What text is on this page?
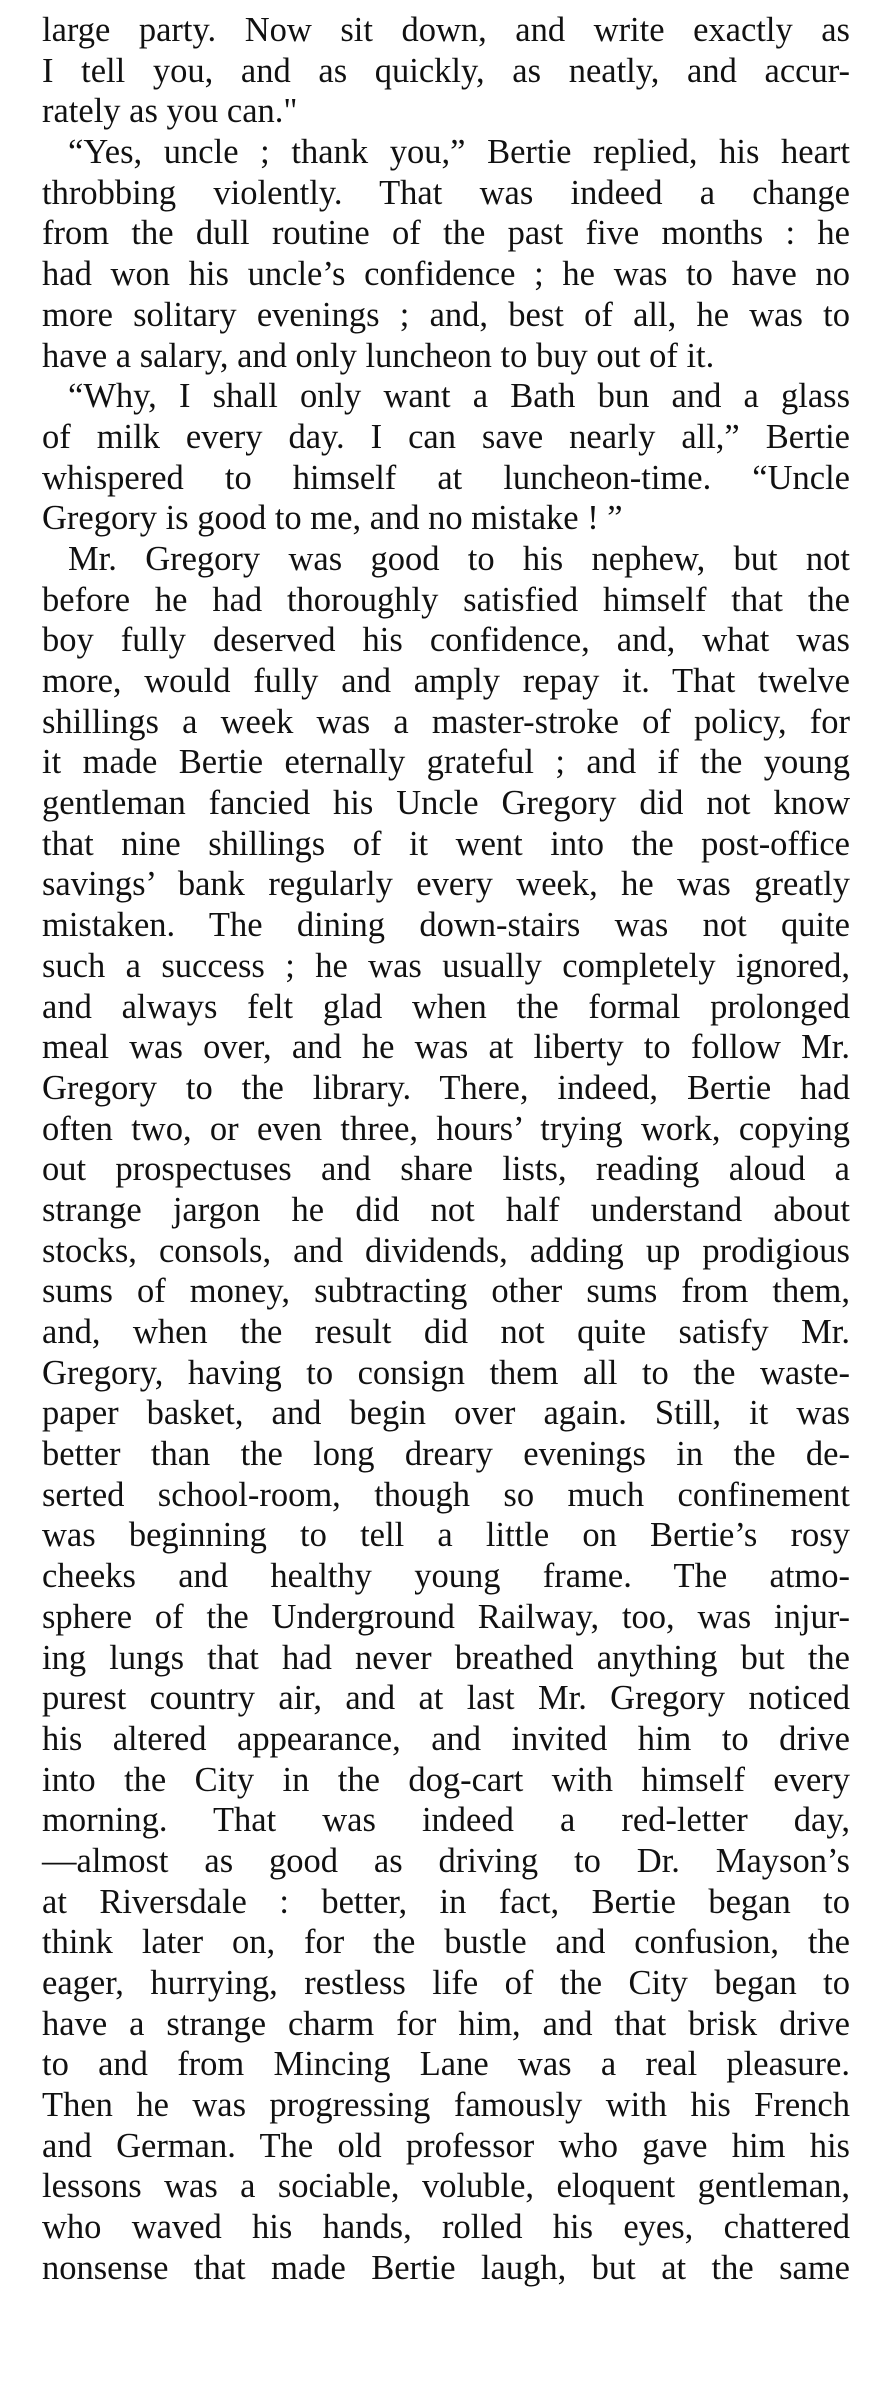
large party. Now sit down, and write exactly as
I tell you, and as quickly, as neatly, and accur-
rately as you can."
“Yes, uncle ; thank you,” Bertie replied, his heart
throbbing violently. That was indeed a change
from the dull routine of the past five months : he
had won his uncle’s confidence ; he was to have no
more solitary evenings ; and, best of all, he was to
have a salary, and only luncheon to buy out of it.
“Why, I shall only want a Bath bun and a glass
of milk every day. I can save nearly all,” Bertie
whispered to himself at luncheon-time. “Uncle
Gregory is good to me, and no mistake ! ”
Mr. Gregory was good to his nephew, but not
before he had thoroughly satisfied himself that the
boy fully deserved his confidence, and, what was
more, would fully and amply repay it. That twelve
shillings a week was a master-stroke of policy, for
it made Bertie eternally grateful ; and if the young
gentleman fancied his Uncle Gregory did not know
that nine shillings of it went into the post-office
savings’ bank regularly every week, he was greatly
mistaken. The dining down-stairs was not quite
such a success ; he was usually completely ignored,
and always felt glad when the formal prolonged
meal was over, and he was at liberty to follow Mr.
Gregory to the library. There, indeed, Bertie had
often two, or even three, hours’ trying work, copying
out prospectuses and share lists, reading aloud a
strange jargon he did not half understand about
stocks, consols, and dividends, adding up prodigious
sums of money, subtracting other sums from them,
and, when the result did not quite satisfy Mr.
Gregory, having to consign them all to the waste-
paper basket, and begin over again. Still, it was
better than the long dreary evenings in the de-
serted school-room, though so much confinement
was beginning to tell a little on Bertie’s rosy
cheeks and healthy young frame. The atmo-
sphere of the Underground Railway, too, was injur-
ing lungs that had never breathed anything but the
purest country air, and at last Mr. Gregory noticed
his altered appearance, and invited him to drive
into the City in the dog-cart with himself every
morning. That was indeed a red-letter day,
—almost as good as driving to Dr. Mayson’s
at Riversdale : better, in fact, Bertie began to
think later on, for the bustle and confusion, the
eager, hurrying, restless life of the City began to
have a strange charm for him, and that brisk drive
to and from Mincing Lane was a real pleasure.
Then he was progressing famously with his French
and German. The old professor who gave him his
lessons was a sociable, voluble, eloquent gentleman,
who waved his hands, rolled his eyes, chattered
nonsense that made Bertie laugh, but at the same
